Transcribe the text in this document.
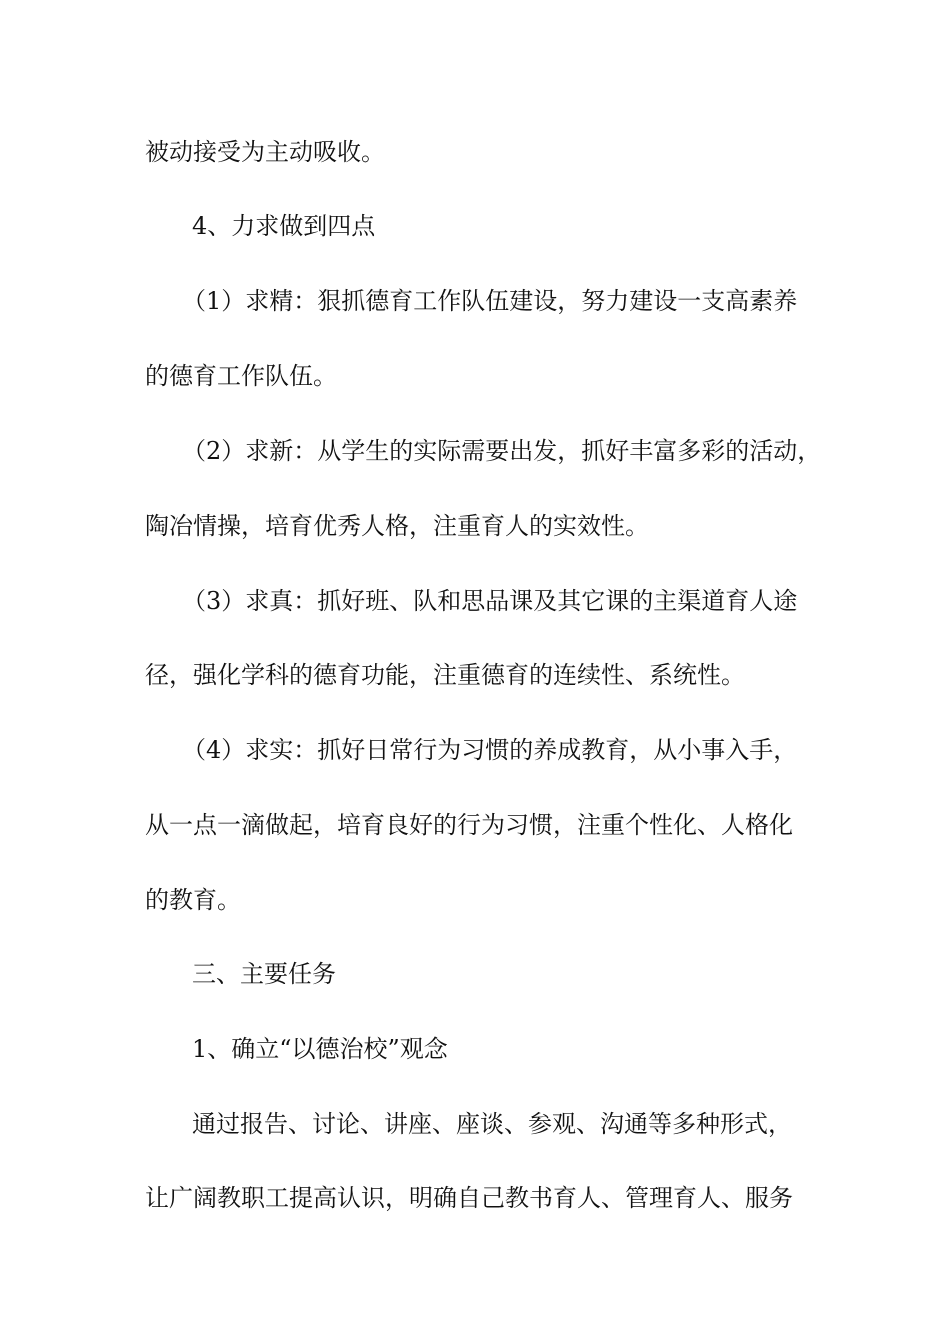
被动接受为主动吸收。
4、力求做到四点
（1）求精：狠抓德育工作队伍建设，努力建设一支高素养
的德育工作队伍。
（2）求新：从学生的实际需要出发，抓好丰富多彩的活动，
陶冶情操，培育优秀人格，注重育人的实效性。
（3）求真：抓好班、队和思品课及其它课的主渠道育人途
径，强化学科的德育功能，注重德育的连续性、系统性。
（4）求实：抓好日常行为习惯的养成教育，从小事入手，
从一点一滴做起，培育良好的行为习惯，注重个性化、人格化
的教育。
三、主要任务
1、确立“以德治校”观念
通过报告、讨论、讲座、座谈、参观、沟通等多种形式，
让广阔教职工提高认识，明确自己教书育人、管理育人、服务
